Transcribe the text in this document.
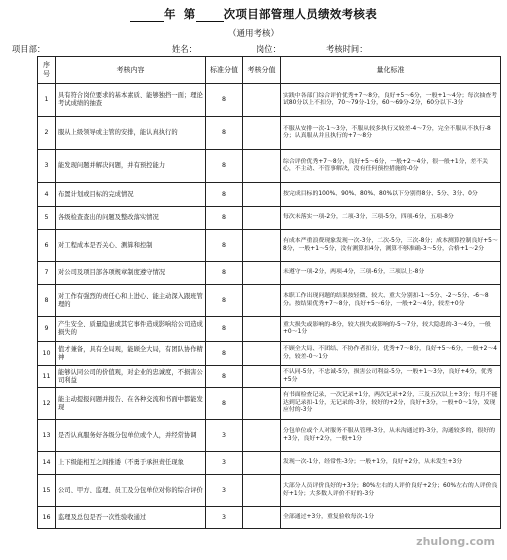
年 第 次项目部管理人员绩效考核表
（通用考核）
项目部：	姓名：	岗位：	考核时间：
序号	考核内容	标准分值	考核分值	量化标准
1	具有符合岗位要求的基本素质、能够独挡一面；理论考试成绩的抽查	8		实践中各部门综合评价优秀+7～8分，良好+5～6分，一般+1～4分；每次抽查考试80分以上不扣分，70～79分-1分，60～69分-2分，60分以下-3分
2	服从上级领导或主管的安排，能认真执行的	8		不服从安排一次-1～3分，不服从较多执行又较差-4～7分，完全不服从不执行-8分；认真服从并且执行的+7～8分
3	能发现问题并解决问题，并有预控能力	8		综合评价优秀+7～8分，良好+5～6分，一般+2～4分，很一般+1分，差不关心，不主动、不管事解决，没有任何预控措施的-0分
4	布置计划或目标的完成情况	8		按完成目标的100%、90%、80%、80%以下分别得8分、5分、3分、0分
5	各级检查查出的问题及整改落实情况	8		每次未落实一项-2分，二项-3分，三项-5分，四项-6分，五项-8分
6	对工程成本是否关心、测算和控制	8		有成本严重浪费现象发现一次-3分，二次-5分，三次-8分；成本测算控制良好+5～8分，一般+1～5分，没有测算扣4分，测算不够准确-3～5分，合格+1～2分
7	对公司及项目部各项规章制度遵守情况	8		未遵守一项-2分，两项-4分，三项-6分，三项以上-8分
8	对工作有强烈的责任心和上进心、能主动深入跟班管理的	8		本职工作出现问题的结果按轻微、较大、重大分别扣-1～5分、-2～5分、-6～8分。按结果优秀+7～8分，良好+5～6分，一般+2～4分，较差+0分
9	产生安全、质量隐患或其它事件造成影响给公司造成损失的	8		重大损失或影响的-8分，较大损失或影响的-5～7分，较大隐患的-3～4分，一般+0～1分
10	值才兼备，具有全局观，能顾全大局，有团队协作精神	8		不顾全大局、不团结、不协作者扣分，优秀+7～8分，良好+5～6分，一般+2～4分，较差-0～1分
11	能够认同公司的价值观，对企业的忠诚度，不损害公司利益	8		不认同-5分，不忠诚-5分，损害公司利益-5分，一般+1～3分，良好+4分，优秀+5分
12	能主动提报问题并报告、在各种交流和书面中都能发现	8		有书面检查记录，一次记录+1分，两次记录+2分，三及五次以上+3分；每月不能达到记录扣-1分，无记录的-3分，较好的+2分，良好+3分，一般+0～1分，发现应付的-3分
13	是否认真服务好各级分包单位或个人，并经常协调	3		分包单位或个人对服务不服从管理-3分，从未沟通过的-3分，沟通较多的，很好的+3分，良好+2分，一般+1分
14	上下级能相互之间推诿（不勇于承担责任现象	3		发现一次-1分，经常性-3分；一般+1分，良好+2分，从未发生+3分
15	公司、甲方、监理、员工及分包单位对你的综合评价	3		大部分人员评价良好的+3分；80%左右的人评价良好+2分；60%左右的人评价良好+1分；大多数人评价不好的-3分
16	监理及总包是否一次性验收通过	3		全部通过+3分，重复验收每次-1分
zhulong.com
